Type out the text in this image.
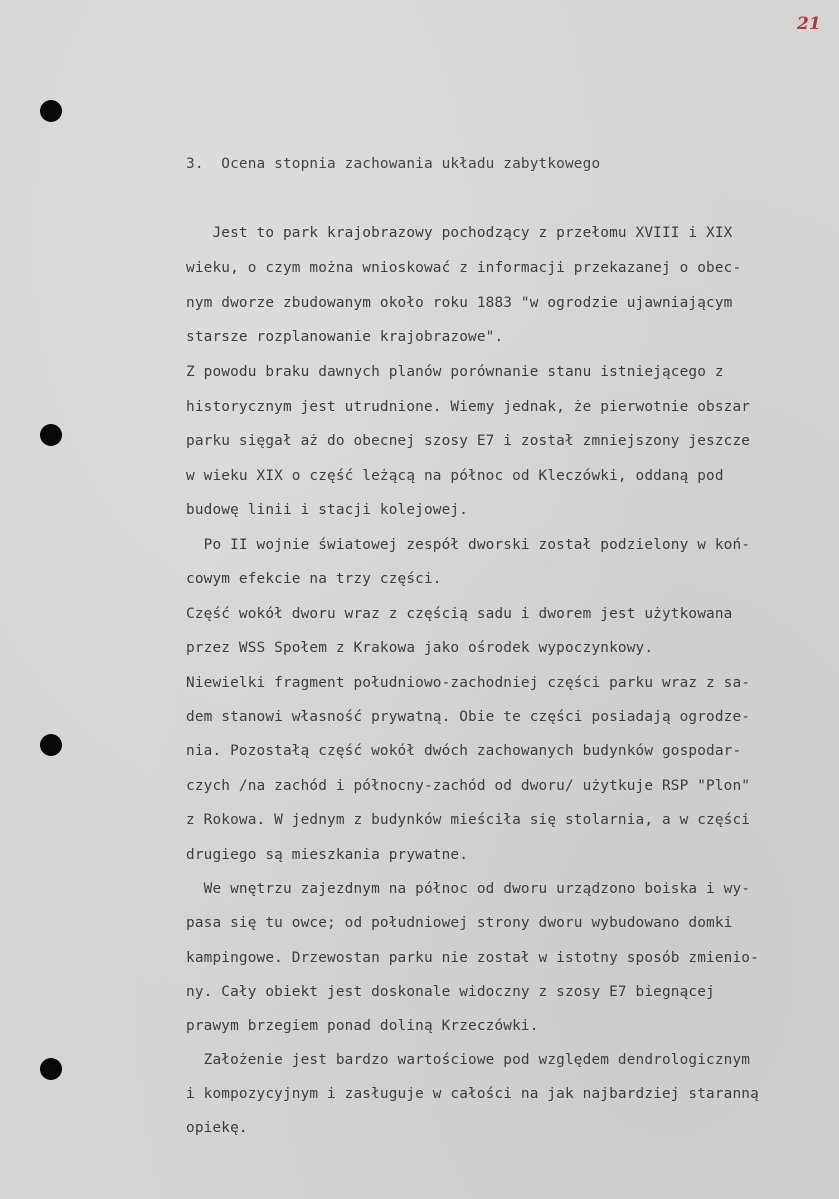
21
3.  Ocena stopnia zachowania układu zabytkowego
Jest to park krajobrazowy pochodzący z przełomu XVIII i XIX
wieku, o czym można wnioskować z informacji przekazanej o obec-
nym dworze zbudowanym około roku 1883 "w ogrodzie ujawniającym
starsze rozplanowanie krajobrazowe".
Z powodu braku dawnych planów porównanie stanu istniejącego z
historycznym jest utrudnione. Wiemy jednak, że pierwotnie obszar
parku sięgał aż do obecnej szosy E7 i został zmniejszony jeszcze
w wieku XIX o część leżącą na północ od Kleczówki, oddaną pod
budowę linii i stacji kolejowej.
Po II wojnie światowej zespół dworski został podzielony w koń-
cowym efekcie na trzy części.
Część wokół dworu wraz z częścią sadu i dworem jest użytkowana
przez WSS Społem z Krakowa jako ośrodek wypoczynkowy.
Niewielki fragment południowo-zachodniej części parku wraz z sa-
dem stanowi własność prywatną. Obie te części posiadają ogrodze-
nia. Pozostałą część wokół dwóch zachowanych budynków gospodar-
czych /na zachód i północny-zachód od dworu/ użytkuje RSP "Plon"
z Rokowa. W jednym z budynków mieściła się stolarnia, a w części
drugiego są mieszkania prywatne.
We wnętrzu zajezdnym na północ od dworu urządzono boiska i wy-
pasa się tu owce; od południowej strony dworu wybudowano domki
kampingowe. Drzewostan parku nie został w istotny sposób zmienio-
ny. Cały obiekt jest doskonale widoczny z szosy E7 biegnącej
prawym brzegiem ponad doliną Krzeczówki.
Założenie jest bardzo wartościowe pod względem dendrologicznym
i kompozycyjnym i zasługuje w całości na jak najbardziej staranną
opiekę.
